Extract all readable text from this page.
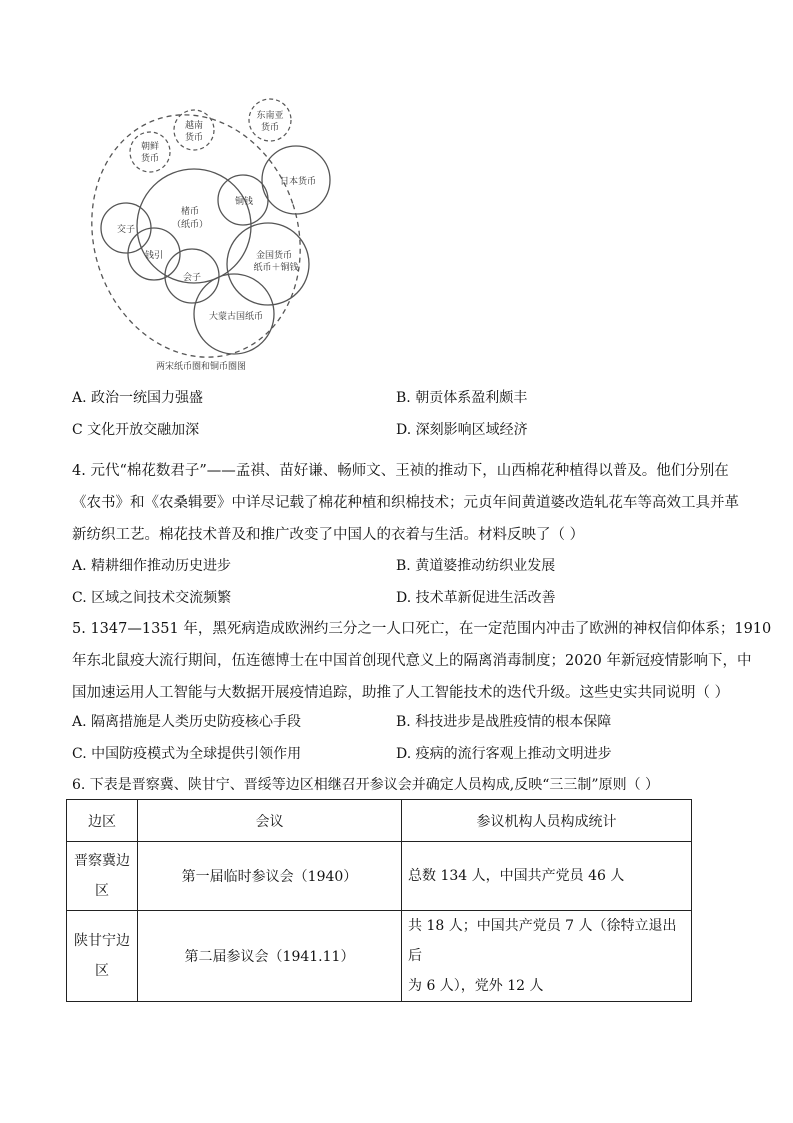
越南
货币
东南亚
货币
朝鲜
货币
日本货币
铜钱
楮币
（纸币）
交子
钱引
会子
金国货币
纸币＋铜钱
大蒙古国纸币
两宋纸币圈和铜币圈图
A. 政治一统国力强盛	B. 朝贡体系盈利颇丰
C 文化开放交融加深	D. 深刻影响区域经济
4. 元代“棉花数君子”——孟祺、苗好谦、畅师文、王祯的推动下，山西棉花种植得以普及。他们分别在
《农书》和《农桑辑要》中详尽记载了棉花种植和织棉技术；元贞年间黄道婆改造轧花车等高效工具并革
新纺织工艺。棉花技术普及和推广改变了中国人的衣着与生活。材料反映了（ ）
A. 精耕细作推动历史进步	B. 黄道婆推动纺织业发展
C. 区域之间技术交流频繁	D. 技术革新促进生活改善
5. 1347—1351 年，黑死病造成欧洲约三分之一人口死亡，在一定范围内冲击了欧洲的神权信仰体系；1910
年东北鼠疫大流行期间，伍连德博士在中国首创现代意义上的隔离消毒制度；2020 年新冠疫情影响下，中
国加速运用人工智能与大数据开展疫情追踪，助推了人工智能技术的迭代升级。这些史实共同说明（ ）
A. 隔离措施是人类历史防疫核心手段	B. 科技进步是战胜疫情的根本保障
C. 中国防疫模式为全球提供引领作用	D. 疫病的流行客观上推动文明进步
6. 下表是晋察冀、陕甘宁、晋绥等边区相继召开参议会并确定人员构成,反映“三三制”原则（ ）
边区	会议	参议机构人员构成统计

晋察冀边
区	第一届临时参议会（1940）	总数 134 人，中国共产党员 46 人

陕甘宁边
区	第二届参议会（1941.11）	共 18 人；中国共产党员 7 人（徐特立退出后
为 6 人），党外 12 人
